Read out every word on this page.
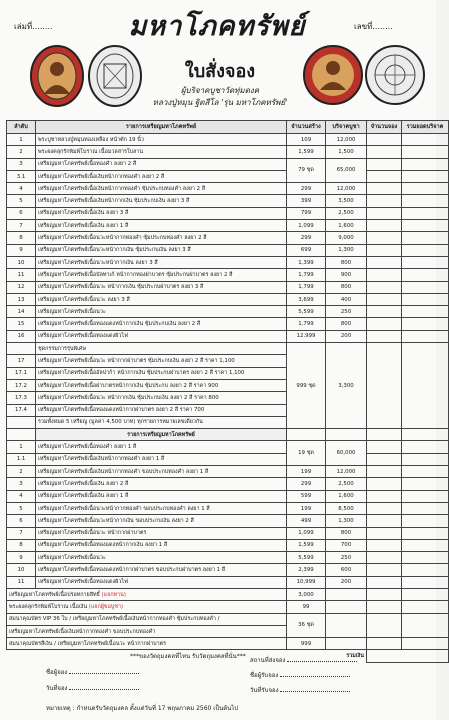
เล่มที่........	เลขที่........
มหาโภคทรัพย์
ใบสั่งจอง
ผู้บริจาคบูชาวัดทุ่มดงค
หลวงปู่หมุน ฐิตสีโล 'รุ่น มหาโภคทรัพย์'
ลำดับ	รายการเหรียญมหาโภคทรัพย์	จำนวนสร้าง	บริจาคบูชา	จำนวนจอง	รวมยอดบริจาค
1	พระบูชาหลวงปู่หมุนทองเหลือง หน้าตัก 19 นิ้ว	109	12,000		
2	พระผงคลุกรักพิมพ์โบราณ เนื้อมวลสารใบลาน	1,599	1,500		
3	เหรียญมหาโภคทรัพย์เนื้อทองคำ ลงยา 2 สี	79 ชุด	65,000		
3.1	เหรียญมหาโภคทรัพย์เนื้อเงินหน้ากากทองคำ ลงยา 2 สี				
4	เหรียญมหาโภคทรัพย์เนื้อเงินหน้ากากทองคำ ซุ้มประกบทองคำ ลงยา 2 สี	299	12,000		
5	เหรียญมหาโภคทรัพย์เนื้อเงินหน้ากากเงิน ซุ้มประกบเงิน ลงยา 3 สี	399	3,500		
6	เหรียญมหาโภคทรัพย์เนื้อเงิน ลงยา 3 สี	799	2,500		
7	เหรียญมหาโภคทรัพย์เนื้อเงิน ลงยา 1 สี	1,099	1,600		
8	เหรียญมหาโภคทรัพย์เนื้อนวะหน้ากากทองคำ ซุ้มประกบทองคำ ลงยา 2 สี	299	9,000		
9	เหรียญมหาโภคทรัพย์เนื้อนวะหน้ากากเงิน ซุ้มประกบเงิน ลงยา 3 สี	699	1,300		
10	เหรียญมหาโภคทรัพย์เนื้อนวะหน้ากากเงิน ลงยา 3 สี	1,399	800		
11	เหรียญมหาโภคทรัพย์เนื้อบัลทาเก้ หน้ากากทองฝาบาตร ซุ้มประกบฝาบาตร ลงยา 2 สี	1,799	900		
12	เหรียญมหาโภคทรัพย์เนื้อนวะ หน้ากากเงิน ซุ้มประกบฝาบาตร ลงยา 3 สี	1,799	800		
13	เหรียญมหาโภคทรัพย์เนื้อนวะ ลงยา 3 สี	3,699	400		
14	เหรียญมหาโภคทรัพย์เนื้อนวะ	5,599	250		
15	เหรียญมหาโภคทรัพย์เนื้อทองแดงหน้ากากเงิน ซุ้มประกบเงิน ลงยา 2 สี	1,799	800		
16	เหรียญมหาโภคทรัพย์เนื้อทองแดงผิวไฟ	12,999	200		
	ชุดกรรมการรุ่นพิเศษ	999 ชุด	3,300		
17	เหรียญมหาโภคทรัพย์เนื้อนวะ หน้ากากฝาบาตร ซุ้มประกบเงิน ลงยา 2 สี ราคา 1,100				
17.1	เหรียญมหาโภคทรัพย์เนื้ออัลปาก้า หน้ากากเงิน ซุ้มประกบฝาบาตร ลงยา 2 สี ราคา 1,100				
17.2	เหรียญมหาโภคทรัพย์เนื้อฝาบาตรหน้ากากเงิน ซุ้มประกบ ลงยา 2 สี ราคา 900				
17.3	เหรียญมหาโภคทรัพย์เนื้อนวะ หน้ากากเงิน ซุ้มประกบเงิน ลงยา 2 สี ราคา 800				
17.4	เหรียญมหาโภคทรัพย์เนื้อทองแดงหน้ากากฝาบาตร ลงยา 2 สี ราคา 700				
	รวมทั้งหมด 5 เหรียญ (มูลค่า 4,500 บาท) ทุกรายการหมายเลขเดียวกัน				
	รายการเหรียญมหาโภคทรัพย์				
1	เหรียญมหาโภคทรัพย์เนื้อทองคำ ลงยา 1 สี	19 ชุด	60,000		
1.1	เหรียญมหาโภคทรัพย์เนื้อเงินหน้ากากทองคำ ลงยา 1 สี				
2	เหรียญมหาโภคทรัพย์เนื้อเงินหน้ากากทองคำ ขอบประกบทองคำ ลงยา 1 สี	199	12,000		
3	เหรียญมหาโภคทรัพย์เนื้อเงิน ลงยา 2 สี	299	2,500		
4	เหรียญมหาโภคทรัพย์เนื้อเงิน ลงยา 1 สี	599	1,600		
5	เหรียญมหาโภคทรัพย์เนื้อนวะหน้ากากทองคำ ขอบประกบทองคำ ลงยา 1 สี	199	8,500		
6	เหรียญมหาโภคทรัพย์เนื้อนวะหน้ากากเงิน ขอบประกบเงิน ลงยา 2 สี	499	1,300		
7	เหรียญมหาโภคทรัพย์เนื้อนวะ หน้ากากฝาบาตร	1,099	800		
8	เหรียญมหาโภคทรัพย์เนื้อทองแดงหน้ากากเงิน ลงยา 1 สี	1,599	700		
9	เหรียญมหาโภคทรัพย์เนื้อนวะ	5,599	250		
10	เหรียญมหาโภคทรัพย์เนื้อทองแดงหน้ากากฝาบาตร ขอบประกบฝาบาตร ลงยา 1 สี	2,399	600		
11	เหรียญมหาโภคทรัพย์เนื้อทองแดงผิวไฟ	10,999	200		
เหรียญมหาโภคทรัพย์เนื้อปรอทกายสิทธิ์ (แจกทาน)		3,000			
พระผงคลุกรักพิมพ์โบราณ เนื้อเงิน (แจกผู้ขอบูชา)		99			
สมนาคุณบัตร VIP 36 ใบ / เหรียญมหาโภคทรัพย์เนื้อเงินหน้ากากทองคำ ซุ้มประกบทองคำ /		36 ชุด			
เหรียญมหาโภคทรัพย์เนื้อเงินหน้ากากทองคำ ขอบประกบทองคำ					
สมนาคุณบัตรสีเงิน / เหรียญมหาโภคทรัพย์เนื้อนวะ หน้ากากฝาบาตร		999			
รวมเงิน					
***ของวัตถุมงคลที่ไหน รับวัตถุมงคลที่นั่น***
ชื่อผู้จอง
วันที่จอง
สถานที่ส่งจอง
ชื่อผู้รับจอง
วันที่รับจอง
หมายเหตุ : กำหนดรับวัตถุมงคล ตั้งแต่วันที่ 17 พฤษภาคม 2560 เป็นต้นไป
